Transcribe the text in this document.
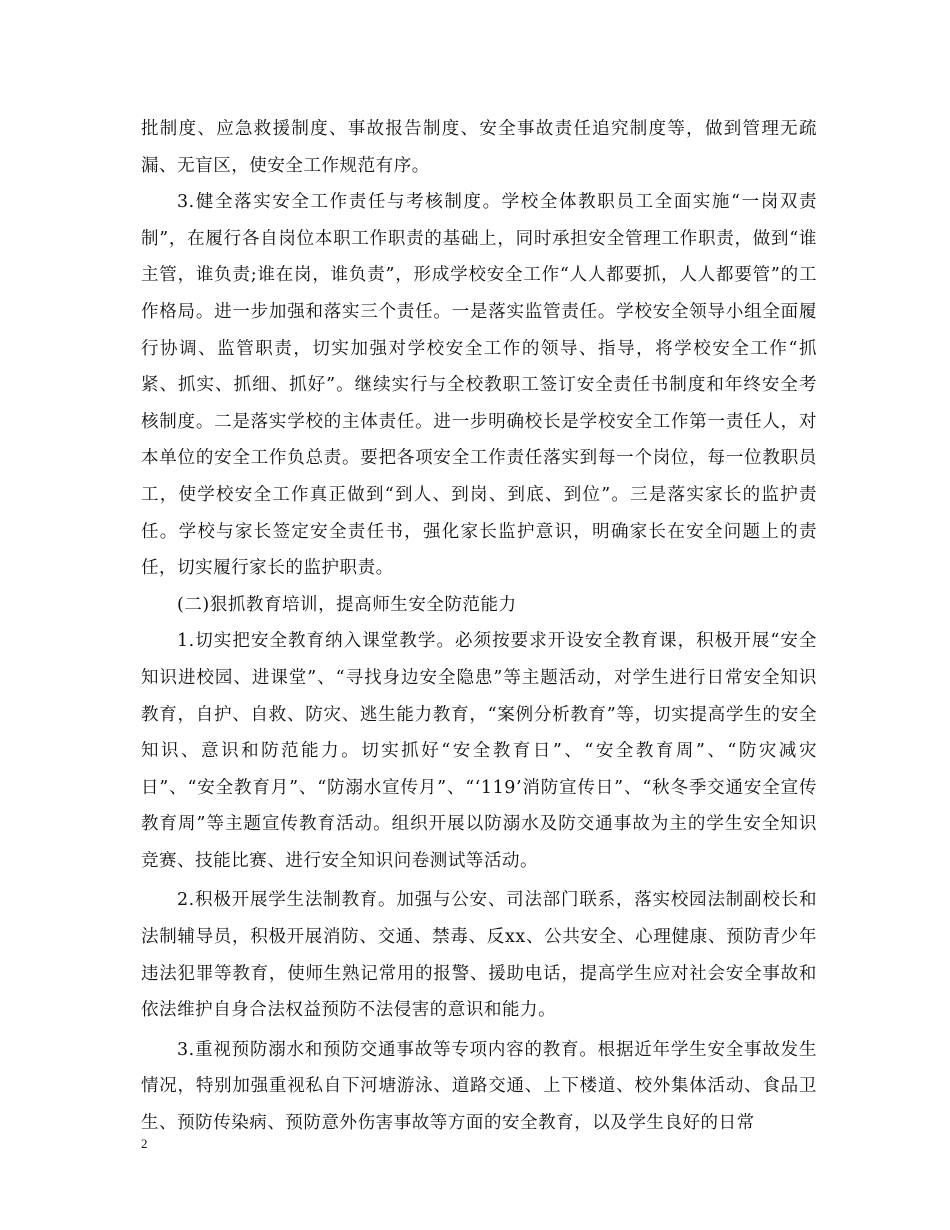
批制度、应急救援制度、事故报告制度、安全事故责任追究制度等，做到管理无疏漏、无盲区，使安全工作规范有序。

3.健全落实安全工作责任与考核制度。学校全体教职员工全面实施“一岗双责制”，在履行各自岗位本职工作职责的基础上，同时承担安全管理工作职责，做到“谁主管，谁负责;谁在岗，谁负责”，形成学校安全工作“人人都要抓，人人都要管”的工作格局。进一步加强和落实三个责任。一是落实监管责任。学校安全领导小组全面履行协调、监管职责，切实加强对学校安全工作的领导、指导，将学校安全工作“抓紧、抓实、抓细、抓好”。继续实行与全校教职工签订安全责任书制度和年终安全考核制度。二是落实学校的主体责任。进一步明确校长是学校安全工作第一责任人，对本单位的安全工作负总责。要把各项安全工作责任落实到每一个岗位，每一位教职员工，使学校安全工作真正做到“到人、到岗、到底、到位”。三是落实家长的监护责任。学校与家长签定安全责任书，强化家长监护意识，明确家长在安全问题上的责任，切实履行家长的监护职责。

(二)狠抓教育培训，提高师生安全防范能力

1.切实把安全教育纳入课堂教学。必须按要求开设安全教育课，积极开展“安全知识进校园、进课堂”、“寻找身边安全隐患”等主题活动，对学生进行日常安全知识教育，自护、自救、防灾、逃生能力教育，“案例分析教育”等，切实提高学生的安全知识、意识和防范能力。切实抓好“安全教育日”、“安全教育周”、“防灾减灾日”、“安全教育月”、“防溺水宣传月”、“‘119’消防宣传日”、“秋冬季交通安全宣传教育周”等主题宣传教育活动。组织开展以防溺水及防交通事故为主的学生安全知识竞赛、技能比赛、进行安全知识问卷测试等活动。

2.积极开展学生法制教育。加强与公安、司法部门联系，落实校园法制副校长和法制辅导员，积极开展消防、交通、禁毒、反xx、公共安全、心理健康、预防青少年违法犯罪等教育，使师生熟记常用的报警、援助电话，提高学生应对社会安全事故和依法维护自身合法权益预防不法侵害的意识和能力。

3.重视预防溺水和预防交通事故等专项内容的教育。根据近年学生安全事故发生情况，特别加强重视私自下河塘游泳、道路交通、上下楼道、校外集体活动、食品卫生、预防传染病、预防意外伤害事故等方面的安全教育，以及学生良好的日常

2
